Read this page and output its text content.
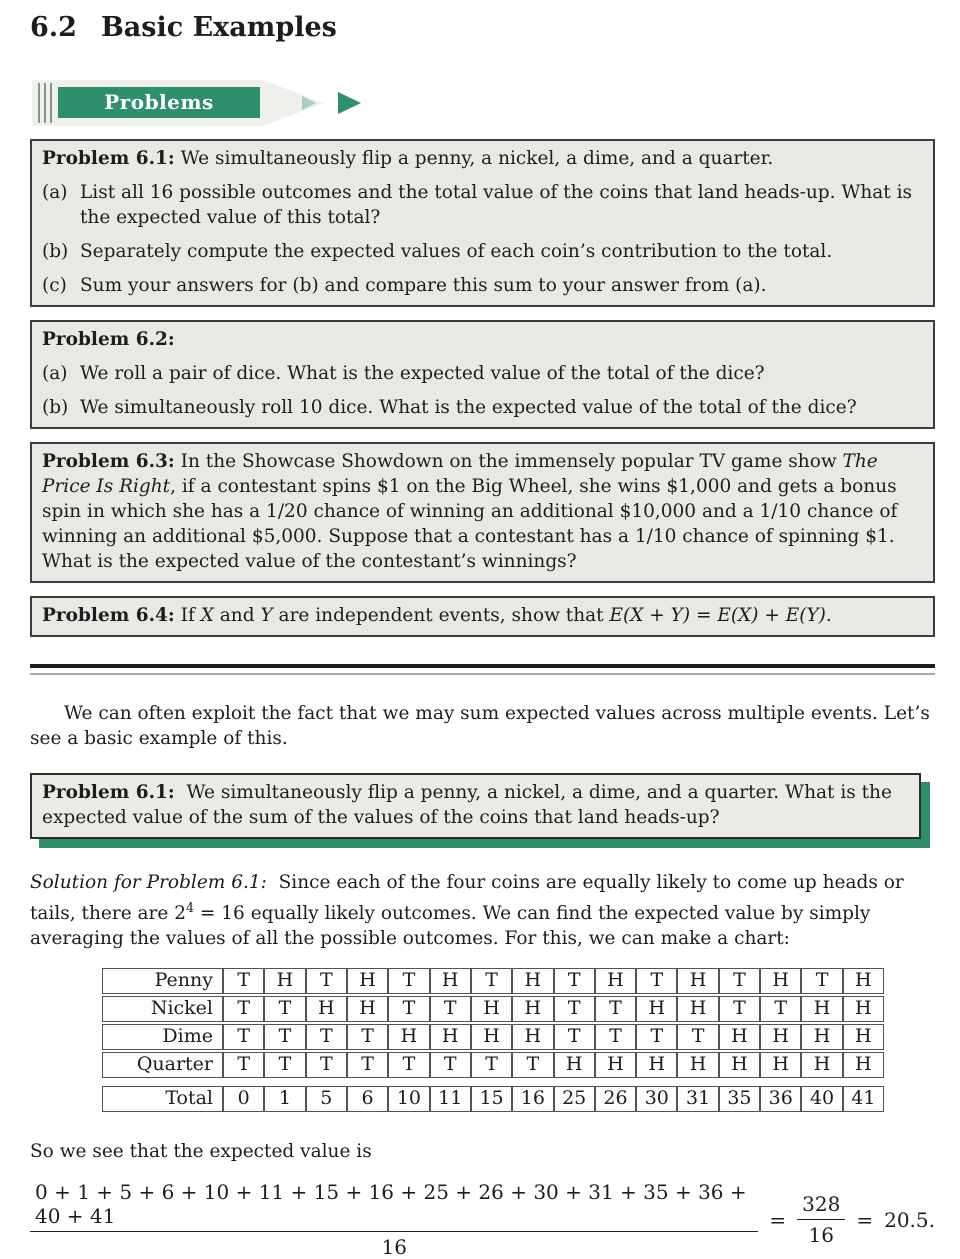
6.2 Basic Examples
Problems
Problem 6.1: We simultaneously flip a penny, a nickel, a dime, and a quarter.
(a) List all 16 possible outcomes and the total value of the coins that land heads-up. What is the expected value of this total?
(b) Separately compute the expected values of each coin’s contribution to the total.
(c) Sum your answers for (b) and compare this sum to your answer from (a).
Problem 6.2:
(a) We roll a pair of dice. What is the expected value of the total of the dice?
(b) We simultaneously roll 10 dice. What is the expected value of the total of the dice?
Problem 6.3: In the Showcase Showdown on the immensely popular TV game show The Price Is Right, if a contestant spins $1 on the Big Wheel, she wins $1,000 and gets a bonus spin in which she has a 1/20 chance of winning an additional $10,000 and a 1/10 chance of winning an additional $5,000. Suppose that a contestant has a 1/10 chance of spinning $1. What is the expected value of the contestant’s winnings?
Problem 6.4: If X and Y are independent events, show that E(X + Y) = E(X) + E(Y).

We can often exploit the fact that we may sum expected values across multiple events. Let’s see a basic example of this.

Problem 6.1: We simultaneously flip a penny, a nickel, a dime, and a quarter. What is the expected value of the sum of the values of the coins that land heads-up?
Solution for Problem 6.1: Since each of the four coins are equally likely to come up heads or tails, there are $2^4 = 16$ equally likely outcomes. We can find the expected value by simply averaging the values of all the possible outcomes. For this, we can make a chart:
Penny	T	H	T	H	T	H	T	H	T	H	T	H	T	H	T	H
Nickel	T	T	H	H	T	T	H	H	T	T	H	H	T	T	H	H
Dime	T	T	T	T	H	H	H	H	T	T	T	T	H	H	H	H
Quarter	T	T	T	T	T	T	T	T	H	H	H	H	H	H	H	H
Total	0	1	5	6	10	11	15	16	25	26	30	31	35	36	40	41
So we see that the expected value is
0 + 1 + 5 + 6 + 10 + 11 + 15 + 16 + 25 + 26 + 30 + 31 + 35 + 36 + 40 + 41
16
= $\frac{328}{16} = 20.5$.
